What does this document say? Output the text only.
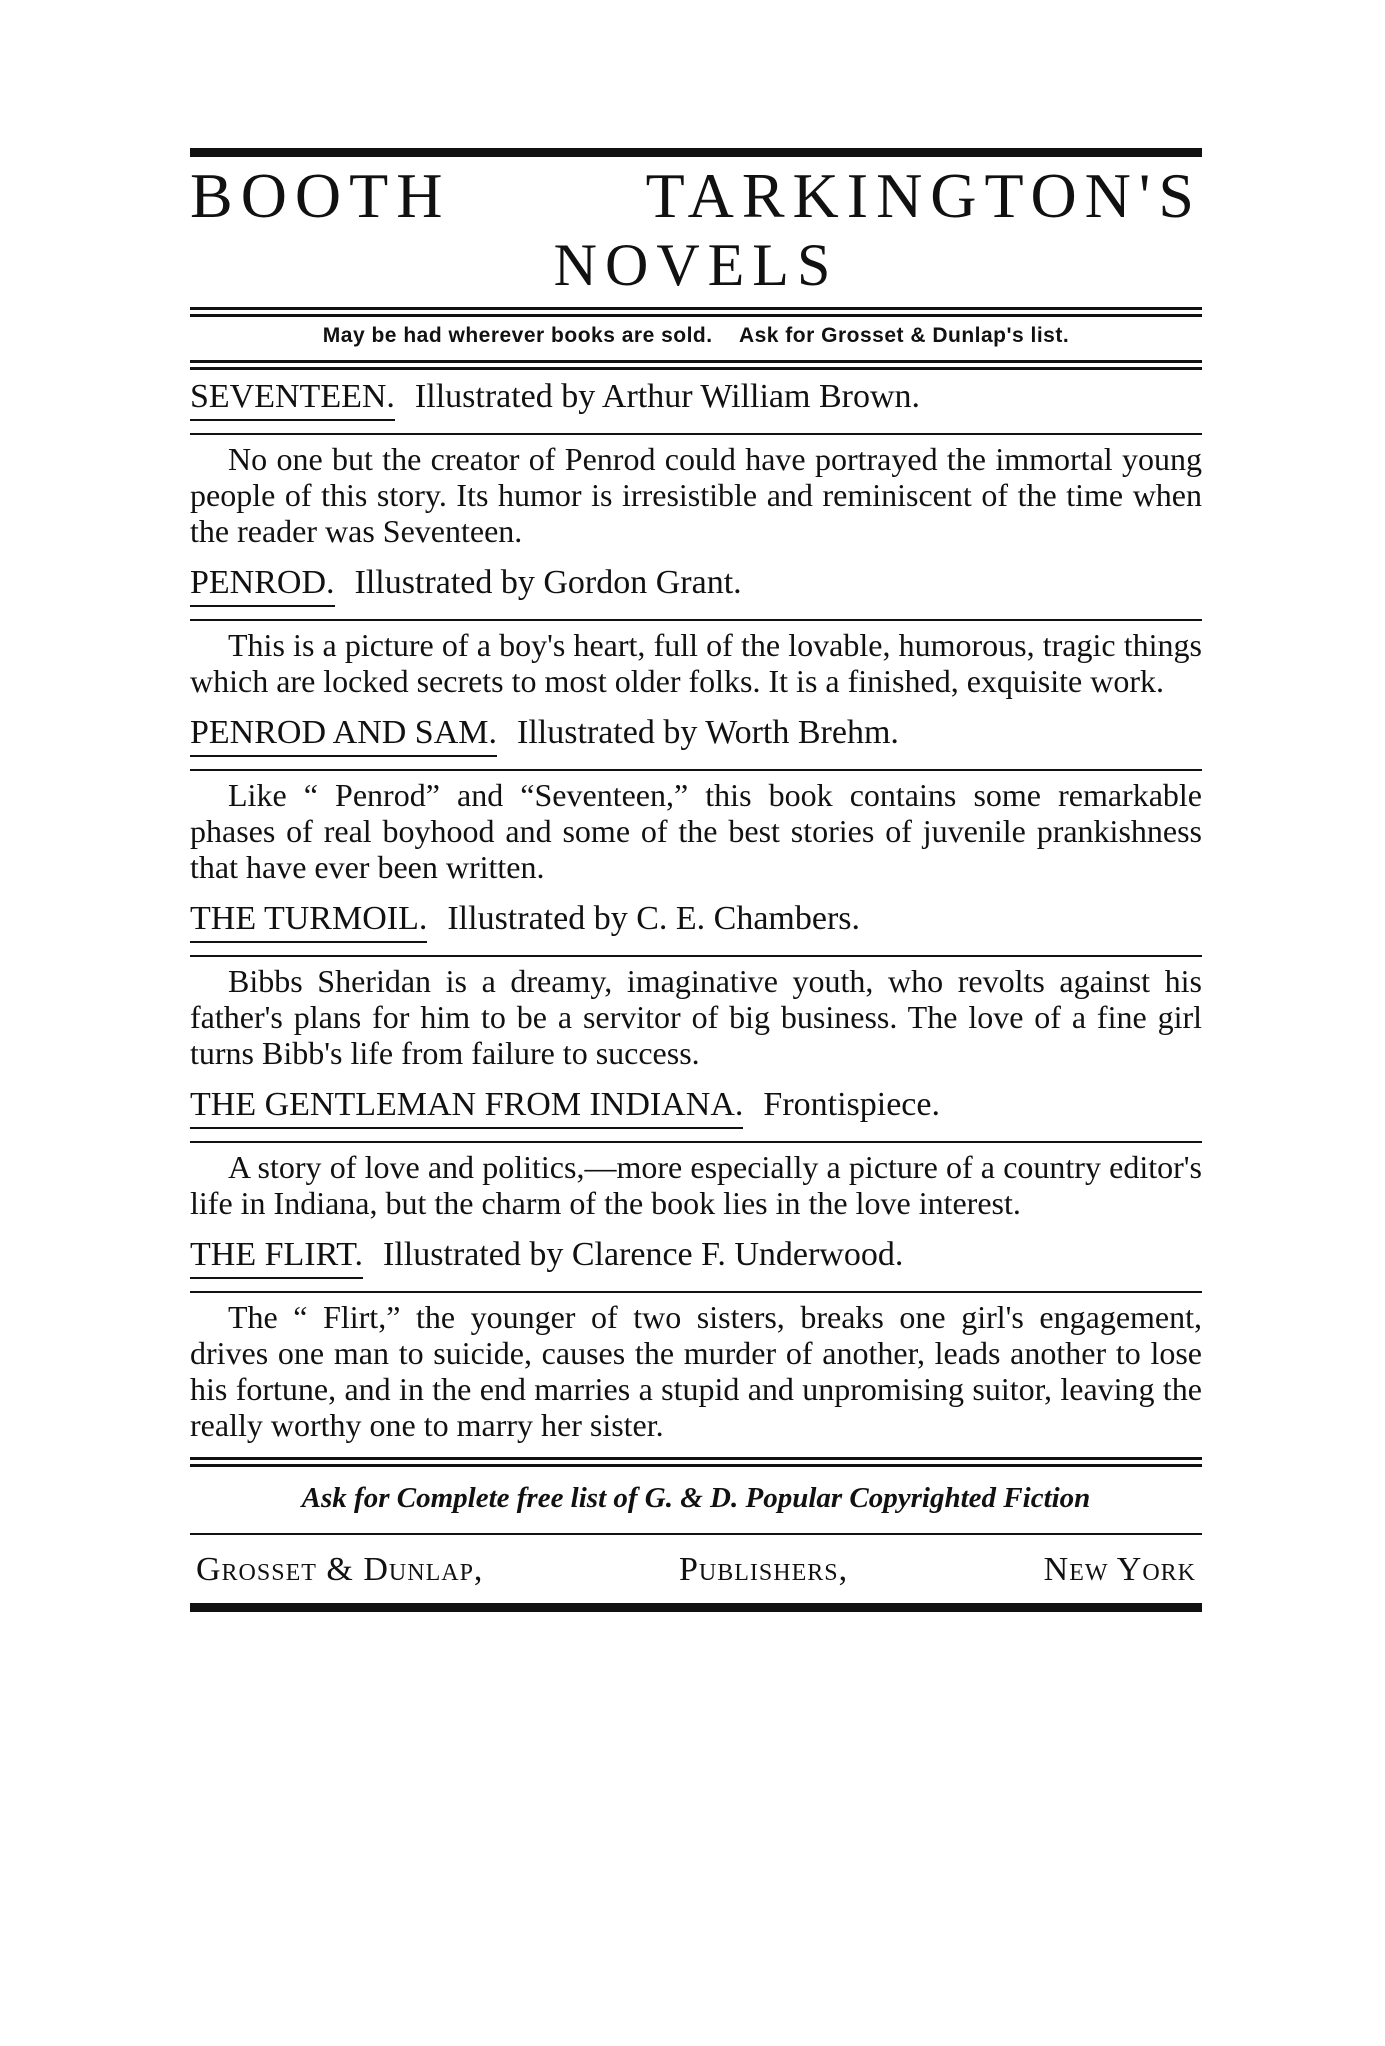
BOOTH	TARKINGTON'S
NOVELS
May be had wherever books are sold. Ask for Grosset & Dunlap's list.
SEVENTEEN. Illustrated by Arthur William Brown.
No one but the creator of Penrod could have portrayed the immortal young people of this story. Its humor is irresistible and reminiscent of the time when the reader was Seventeen.
PENROD. Illustrated by Gordon Grant.
This is a picture of a boy's heart, full of the lovable, humorous, tragic things which are locked secrets to most older folks. It is a finished, exquisite work.
PENROD AND SAM. Illustrated by Worth Brehm.
Like “ Penrod” and “Seventeen,” this book contains some remarkable phases of real boyhood and some of the best stories of juvenile prankishness that have ever been written.
THE TURMOIL. Illustrated by C. E. Chambers.
Bibbs Sheridan is a dreamy, imaginative youth, who revolts against his father's plans for him to be a servitor of big business. The love of a fine girl turns Bibb's life from failure to success.
THE GENTLEMAN FROM INDIANA. Frontispiece.
A story of love and politics,—more especially a picture of a country editor's life in Indiana, but the charm of the book lies in the love interest.
THE FLIRT. Illustrated by Clarence F. Underwood.
The “ Flirt,” the younger of two sisters, breaks one girl's engagement, drives one man to suicide, causes the murder of another, leads another to lose his fortune, and in the end marries a stupid and unpromising suitor, leaving the really worthy one to marry her sister.
Ask for Complete free list of G. & D. Popular Copyrighted Fiction
Grosset & Dunlap,	Publishers,	New York
